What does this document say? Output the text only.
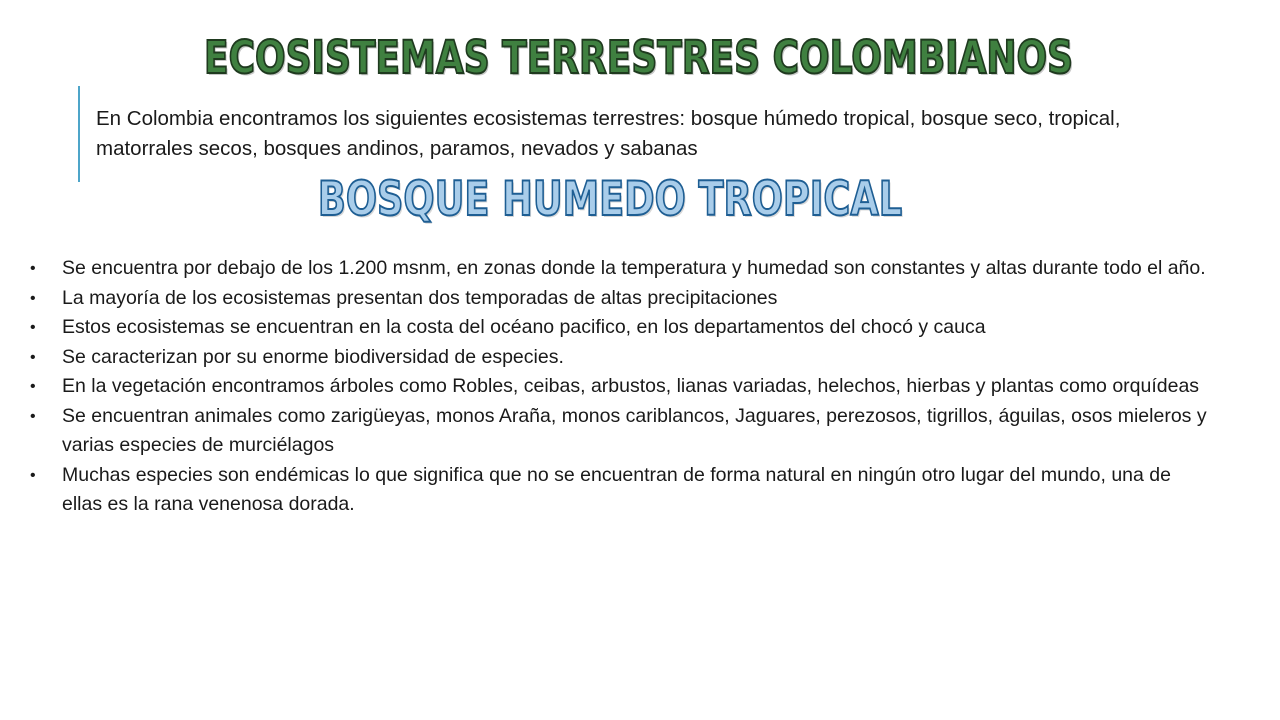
ECOSISTEMAS TERRESTRES COLOMBIANOS
En Colombia encontramos los siguientes ecosistemas terrestres: bosque húmedo tropical, bosque seco, tropical, matorrales secos, bosques andinos, paramos, nevados y sabanas
BOSQUE HUMEDO TROPICAL
• Se encuentra por debajo de los 1.200 msnm, en zonas donde la temperatura y humedad son constantes y altas durante todo el año.
• La mayoría de los ecosistemas presentan dos temporadas de altas precipitaciones
• Estos ecosistemas se encuentran en la costa del océano pacifico, en los departamentos del chocó y cauca
• Se caracterizan por su enorme biodiversidad de especies.
• En la vegetación encontramos árboles como Robles, ceibas, arbustos, lianas variadas, helechos, hierbas y plantas como orquídeas
• Se encuentran animales como zarigüeyas, monos Araña, monos cariblancos, Jaguares, perezosos, tigrillos, águilas, osos mieleros y varias especies de murciélagos
• Muchas especies son endémicas lo que significa que no se encuentran de forma natural en ningún otro lugar del mundo, una de ellas es la rana venenosa dorada.
